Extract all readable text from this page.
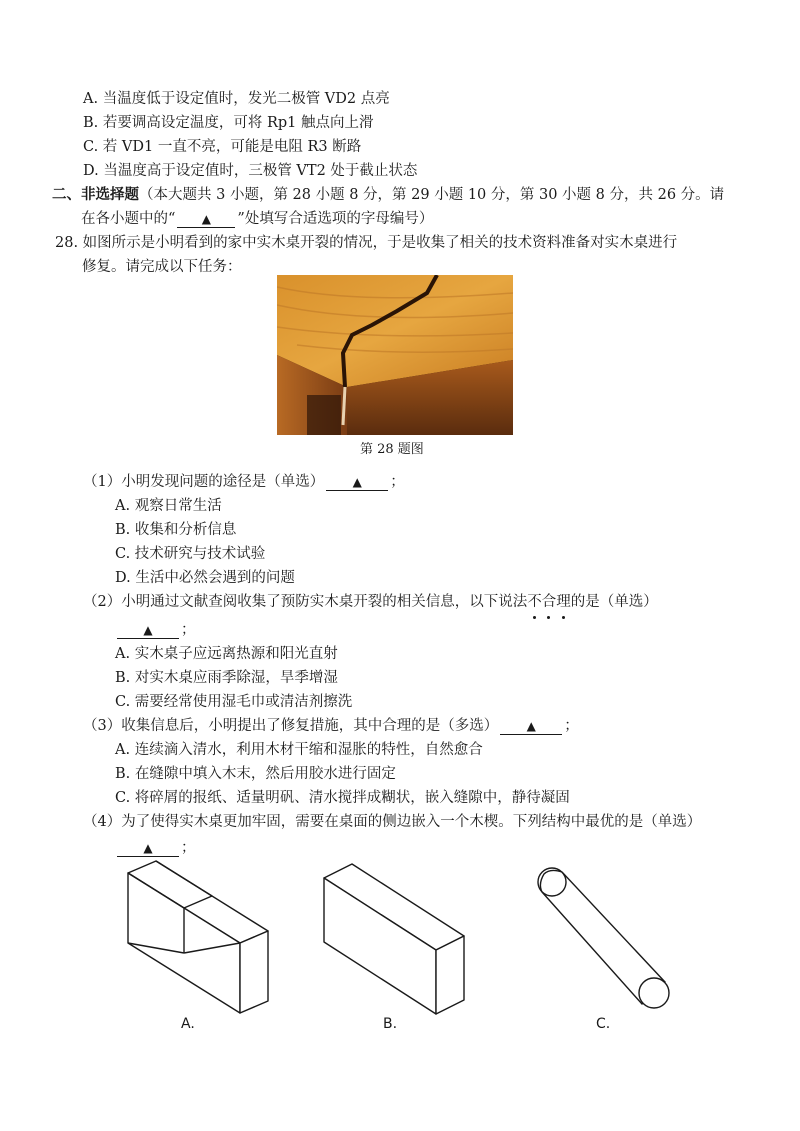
A. 当温度低于设定值时，发光二极管 VD2 点亮
B. 若要调高设定温度，可将 Rp1 触点向上滑
C. 若 VD1 一直不亮，可能是电阻 R3 断路
D. 当温度高于设定值时，三极管 VT2 处于截止状态
二、非选择题（本大题共 3 小题，第 28 小题 8 分，第 29 小题 10 分，第 30 小题 8 分，共 26 分。请
在各小题中的“ ▲ ”处填写合适选项的字母编号）
28. 如图所示是小明看到的家中实木桌开裂的情况，于是收集了相关的技术资料准备对实木桌进行
修复。请完成以下任务：
第 28 题图
（1）小明发现问题的途径是（单选） ▲ ；
A. 观察日常生活
B. 收集和分析信息
C. 技术研究与技术试验
D. 生活中必然会遇到的问题
（2）小明通过文献查阅收集了预防实木桌开裂的相关信息，以下说法不合理的是（单选）
▲ ；
A. 实木桌子应远离热源和阳光直射
B. 对实木桌应雨季除湿，旱季增湿
C. 需要经常使用湿毛巾或清洁剂擦洗
（3）收集信息后，小明提出了修复措施，其中合理的是（多选） ▲ ；
A. 连续滴入清水，利用木材干缩和湿胀的特性，自然愈合
B. 在缝隙中填入木末，然后用胶水进行固定
C. 将碎屑的报纸、适量明矾、清水搅拌成糊状，嵌入缝隙中，静待凝固
（4）为了使得实木桌更加牢固，需要在桌面的侧边嵌入一个木楔。下列结构中最优的是（单选）
▲ ；
A.	B.	C.
